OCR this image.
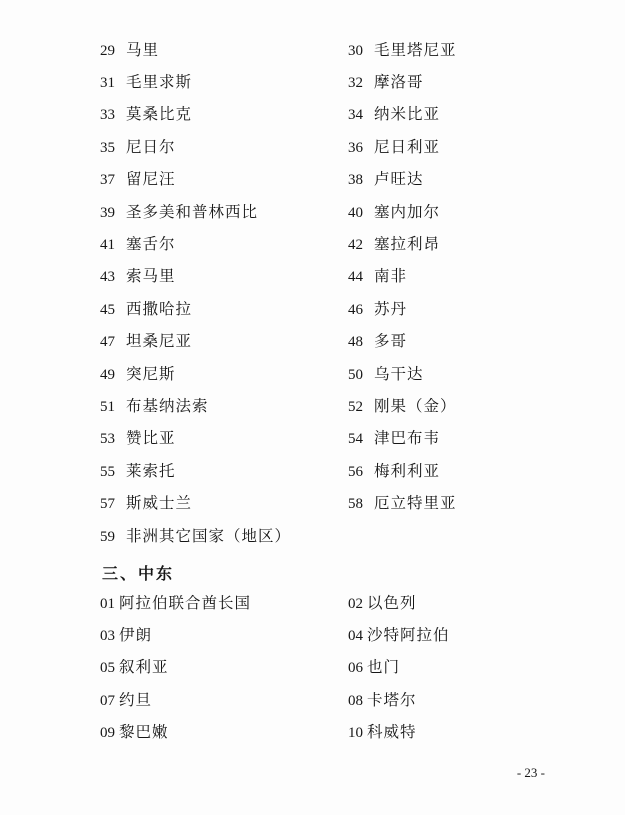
29 马里	30 毛里塔尼亚
31 毛里求斯	32 摩洛哥
33 莫桑比克	34 纳米比亚
35 尼日尔	36 尼日利亚
37 留尼汪	38 卢旺达
39 圣多美和普林西比	40 塞内加尔
41 塞舌尔	42 塞拉利昂
43 索马里	44 南非
45 西撒哈拉	46 苏丹
47 坦桑尼亚	48 多哥
49 突尼斯	50 乌干达
51 布基纳法索	52 刚果（金）
53 赞比亚	54 津巴布韦
55 莱索托	56 梅利利亚
57 斯威士兰	58 厄立特里亚
59 非洲其它国家（地区）
三、中东
01 阿拉伯联合酋长国	02 以色列
03 伊朗	04 沙特阿拉伯
05 叙利亚	06 也门
07 约旦	08 卡塔尔
09 黎巴嫩	10 科威特
- 23 -
